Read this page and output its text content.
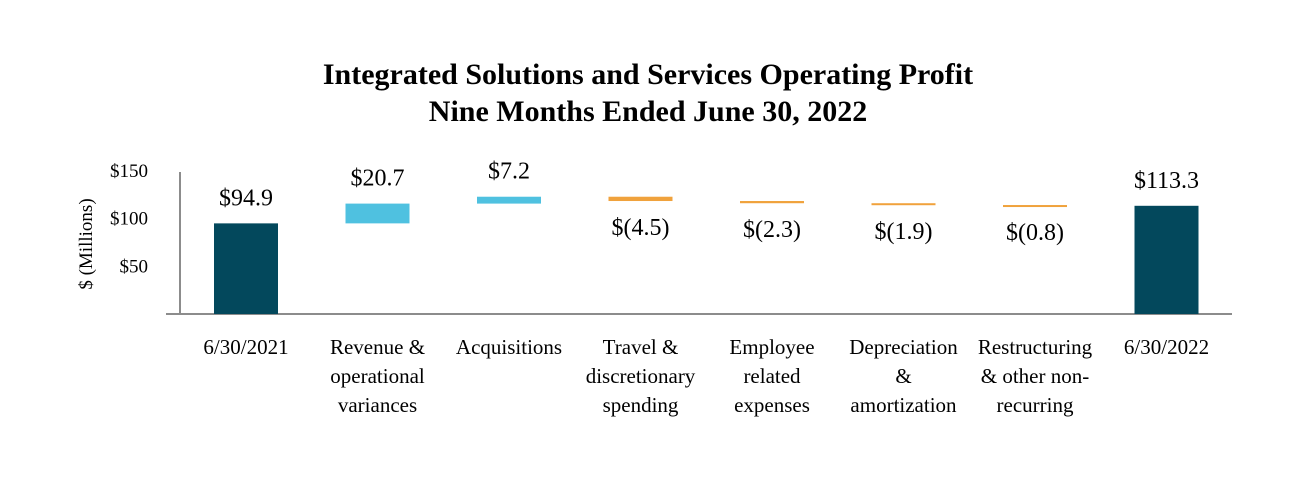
Integrated Solutions and Services Operating Profit
Nine Months Ended June 30, 2022
$50
$100
$150
$ (Millions)	$94.9
6/30/2021
$20.7
Revenue &
operational
variances
$7.2
Acquisitions
$(4.5)
Travel &
discretionary
spending
$(2.3)
Employee
related
expenses
$(1.9)
Depreciation
&
amortization
$(0.8)
Restructuring
& other non-
recurring
$113.3
6/30/2022
